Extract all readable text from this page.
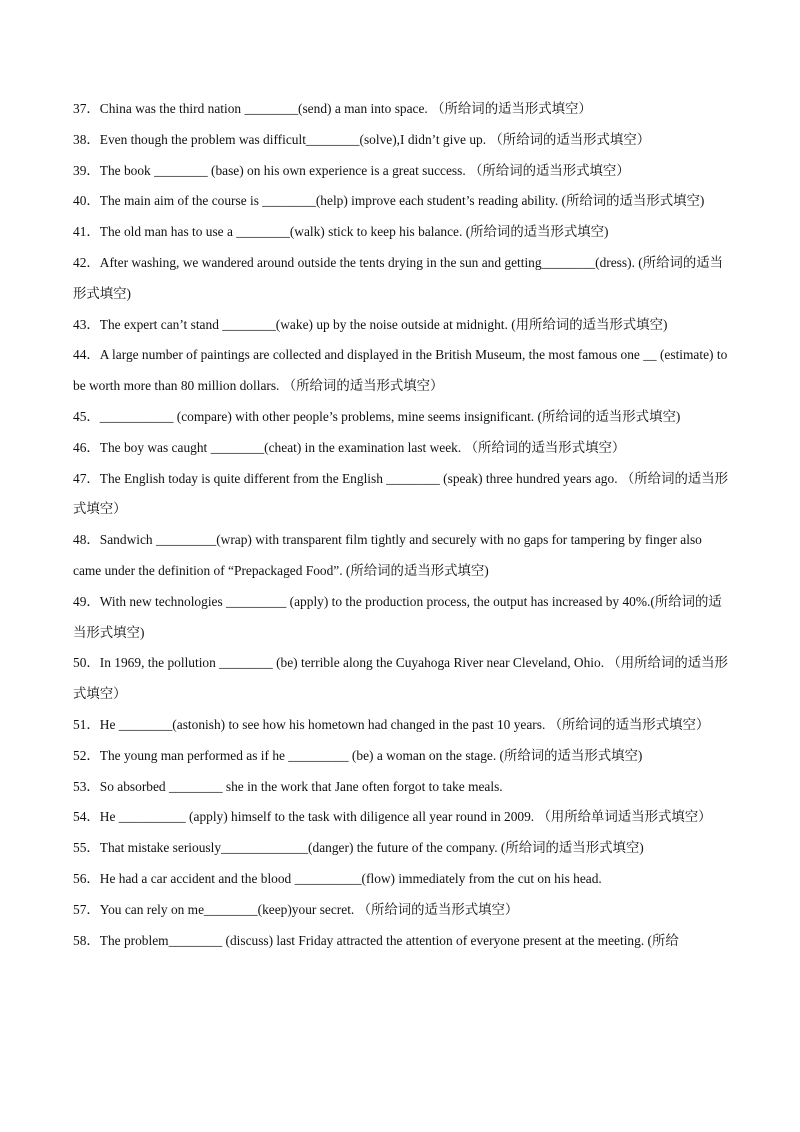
37．China was the third nation ________(send) a man into space. （所给词的适当形式填空）

38．Even though the problem was difficult________(solve),I didn’t give up. （所给词的适当形式填空）

39．The book ________ (base) on his own experience is a great success. （所给词的适当形式填空）

40．The main aim of the course is ________(help) improve each student’s reading ability. (所给词的适当形式填空)

41．The old man has to use a ________(walk) stick to keep his balance. (所给词的适当形式填空)

42．After washing, we wandered around outside the tents drying in the sun and getting________(dress). (所给词的适当形式填空)

43．The expert can’t stand ________(wake) up by the noise outside at midnight. (用所给词的适当形式填空)

44．A large number of paintings are collected and displayed in the British Museum, the most famous one __ (estimate) to be worth more than 80 million dollars. （所给词的适当形式填空）

45．___________ (compare) with other people’s problems, mine seems insignificant. (所给词的适当形式填空)

46．The boy was caught ________(cheat) in the examination last week. （所给词的适当形式填空）

47．The English today is quite different from the English ________ (speak) three hundred years ago. （所给词的适当形式填空）

48．Sandwich _________(wrap) with transparent film tightly and securely with no gaps for tampering by finger also came under the definition of “Prepackaged Food”. (所给词的适当形式填空)

49．With new technologies _________ (apply) to the production process, the output has increased by 40%.(所给词的适当形式填空)

50．In 1969, the pollution ________ (be) terrible along the Cuyahoga River near Cleveland, Ohio. （用所给词的适当形式填空）

51．He ________(astonish) to see how his hometown had changed in the past 10 years. （所给词的适当形式填空）

52．The young man performed as if he _________ (be) a woman on the stage. (所给词的适当形式填空)

53．So absorbed ________ she in the work that Jane often forgot to take meals.

54．He __________ (apply) himself to the task with diligence all year round in 2009. （用所给单词适当形式填空）

55．That mistake seriously_____________(danger) the future of the company. (所给词的适当形式填空)

56．He had a car accident and the blood __________(flow) immediately from the cut on his head.

57．You can rely on me________(keep)your secret. （所给词的适当形式填空）

58．The problem________ (discuss) last Friday attracted the attention of everyone present at the meeting. (所给
